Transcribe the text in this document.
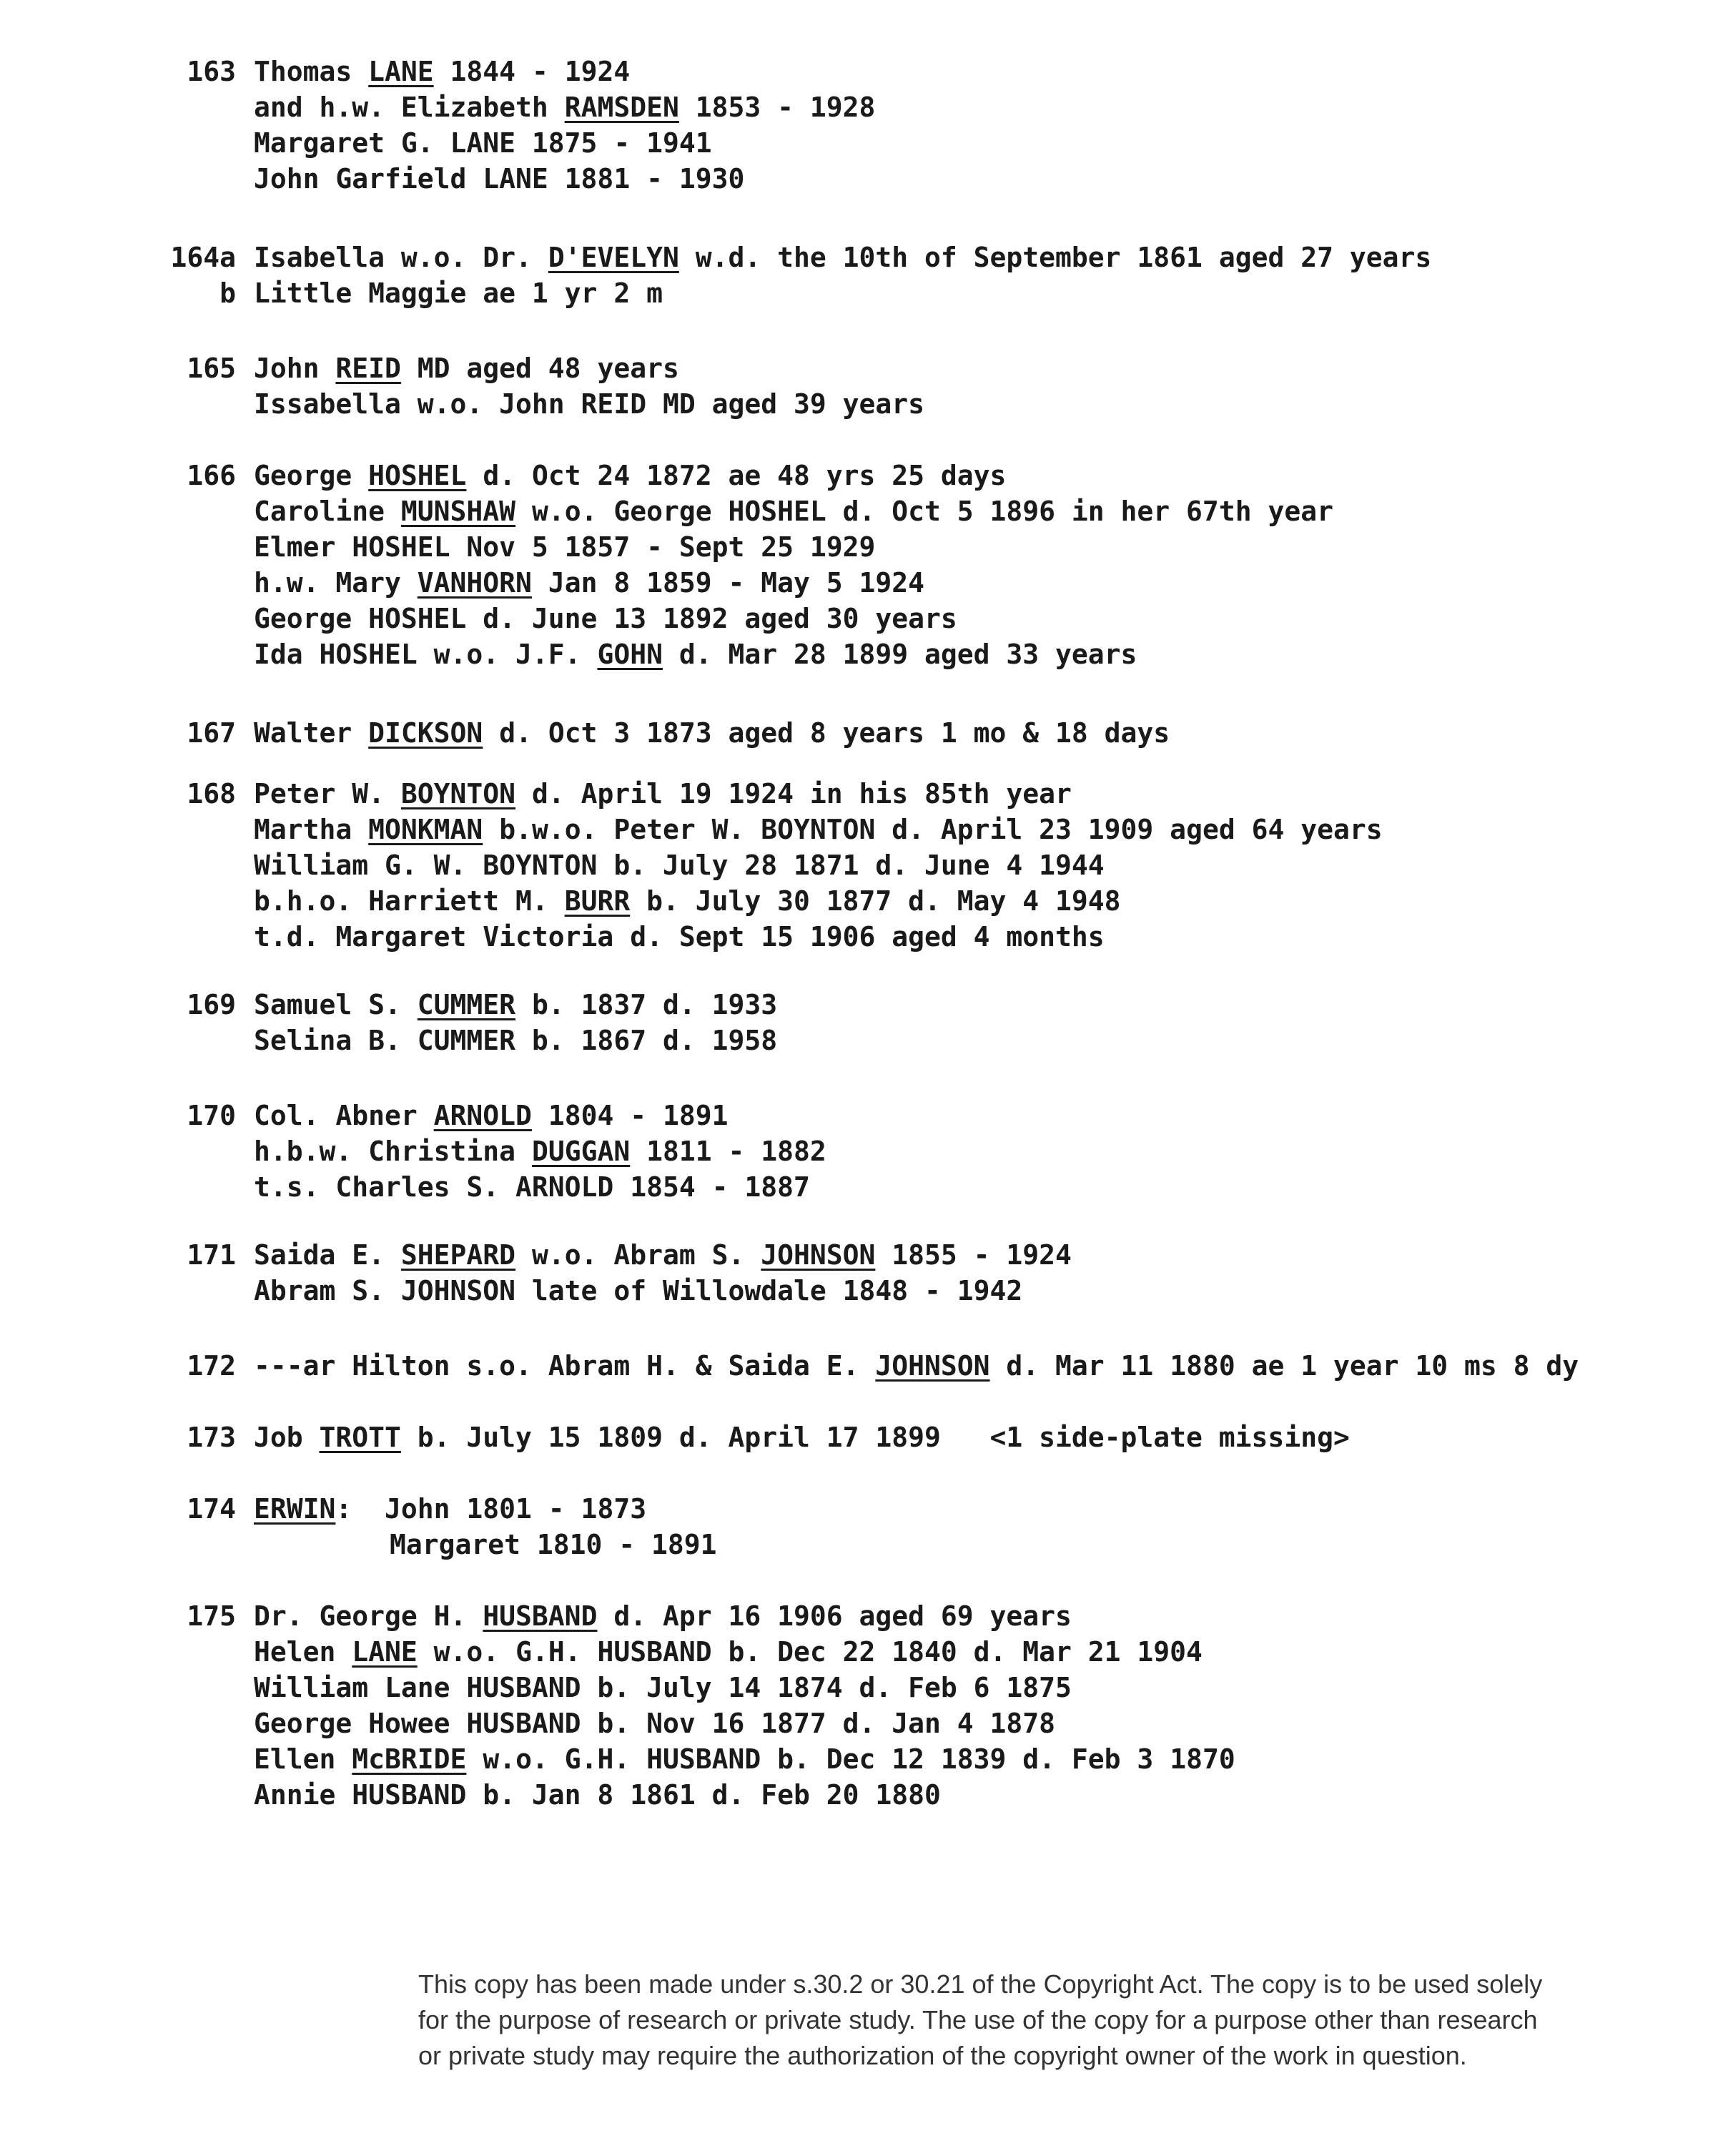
163 Thomas LANE 1844 - 1924
and h.w. Elizabeth RAMSDEN 1853 - 1928
Margaret G. LANE 1875 - 1941
John Garfield LANE 1881 - 1930
164a Isabella w.o. Dr. D'EVELYN w.d. the 10th of September 1861 aged 27 years
b Little Maggie ae 1 yr 2 m
165 John REID MD aged 48 years
Issabella w.o. John REID MD aged 39 years
166 George HOSHEL d. Oct 24 1872 ae 48 yrs 25 days
Caroline MUNSHAW w.o. George HOSHEL d. Oct 5 1896 in her 67th year
Elmer HOSHEL Nov 5 1857 - Sept 25 1929
h.w. Mary VANHORN Jan 8 1859 - May 5 1924
George HOSHEL d. June 13 1892 aged 30 years
Ida HOSHEL w.o. J.F. GOHN d. Mar 28 1899 aged 33 years
167 Walter DICKSON d. Oct 3 1873 aged 8 years 1 mo & 18 days
168 Peter W. BOYNTON d. April 19 1924 in his 85th year
Martha MONKMAN b.w.o. Peter W. BOYNTON d. April 23 1909 aged 64 years
William G. W. BOYNTON b. July 28 1871 d. June 4 1944
b.h.o. Harriett M. BURR b. July 30 1877 d. May 4 1948
t.d. Margaret Victoria d. Sept 15 1906 aged 4 months
169 Samuel S. CUMMER b. 1837 d. 1933
Selina B. CUMMER b. 1867 d. 1958
170 Col. Abner ARNOLD 1804 - 1891
h.b.w. Christina DUGGAN 1811 - 1882
t.s. Charles S. ARNOLD 1854 - 1887
171 Saida E. SHEPARD w.o. Abram S. JOHNSON 1855 - 1924
Abram S. JOHNSON late of Willowdale 1848 - 1942
172 ---ar Hilton s.o. Abram H. & Saida E. JOHNSON d. Mar 11 1880 ae 1 year 10 ms 8 dy
173 Job TROTT b. July 15 1809 d. April 17 1899   <1 side-plate missing>
174 ERWIN:  John 1801 - 1873
Margaret 1810 - 1891
175 Dr. George H. HUSBAND d. Apr 16 1906 aged 69 years
Helen LANE w.o. G.H. HUSBAND b. Dec 22 1840 d. Mar 21 1904
William Lane HUSBAND b. July 14 1874 d. Feb 6 1875
George Howee HUSBAND b. Nov 16 1877 d. Jan 4 1878
Ellen McBRIDE w.o. G.H. HUSBAND b. Dec 12 1839 d. Feb 3 1870
Annie HUSBAND b. Jan 8 1861 d. Feb 20 1880
This copy has been made under s.30.2 or 30.21 of the Copyright Act. The copy is to be used solely
for the purpose of research or private study. The use of the copy for a purpose other than research
or private study may require the authorization of the copyright owner of the work in question.
